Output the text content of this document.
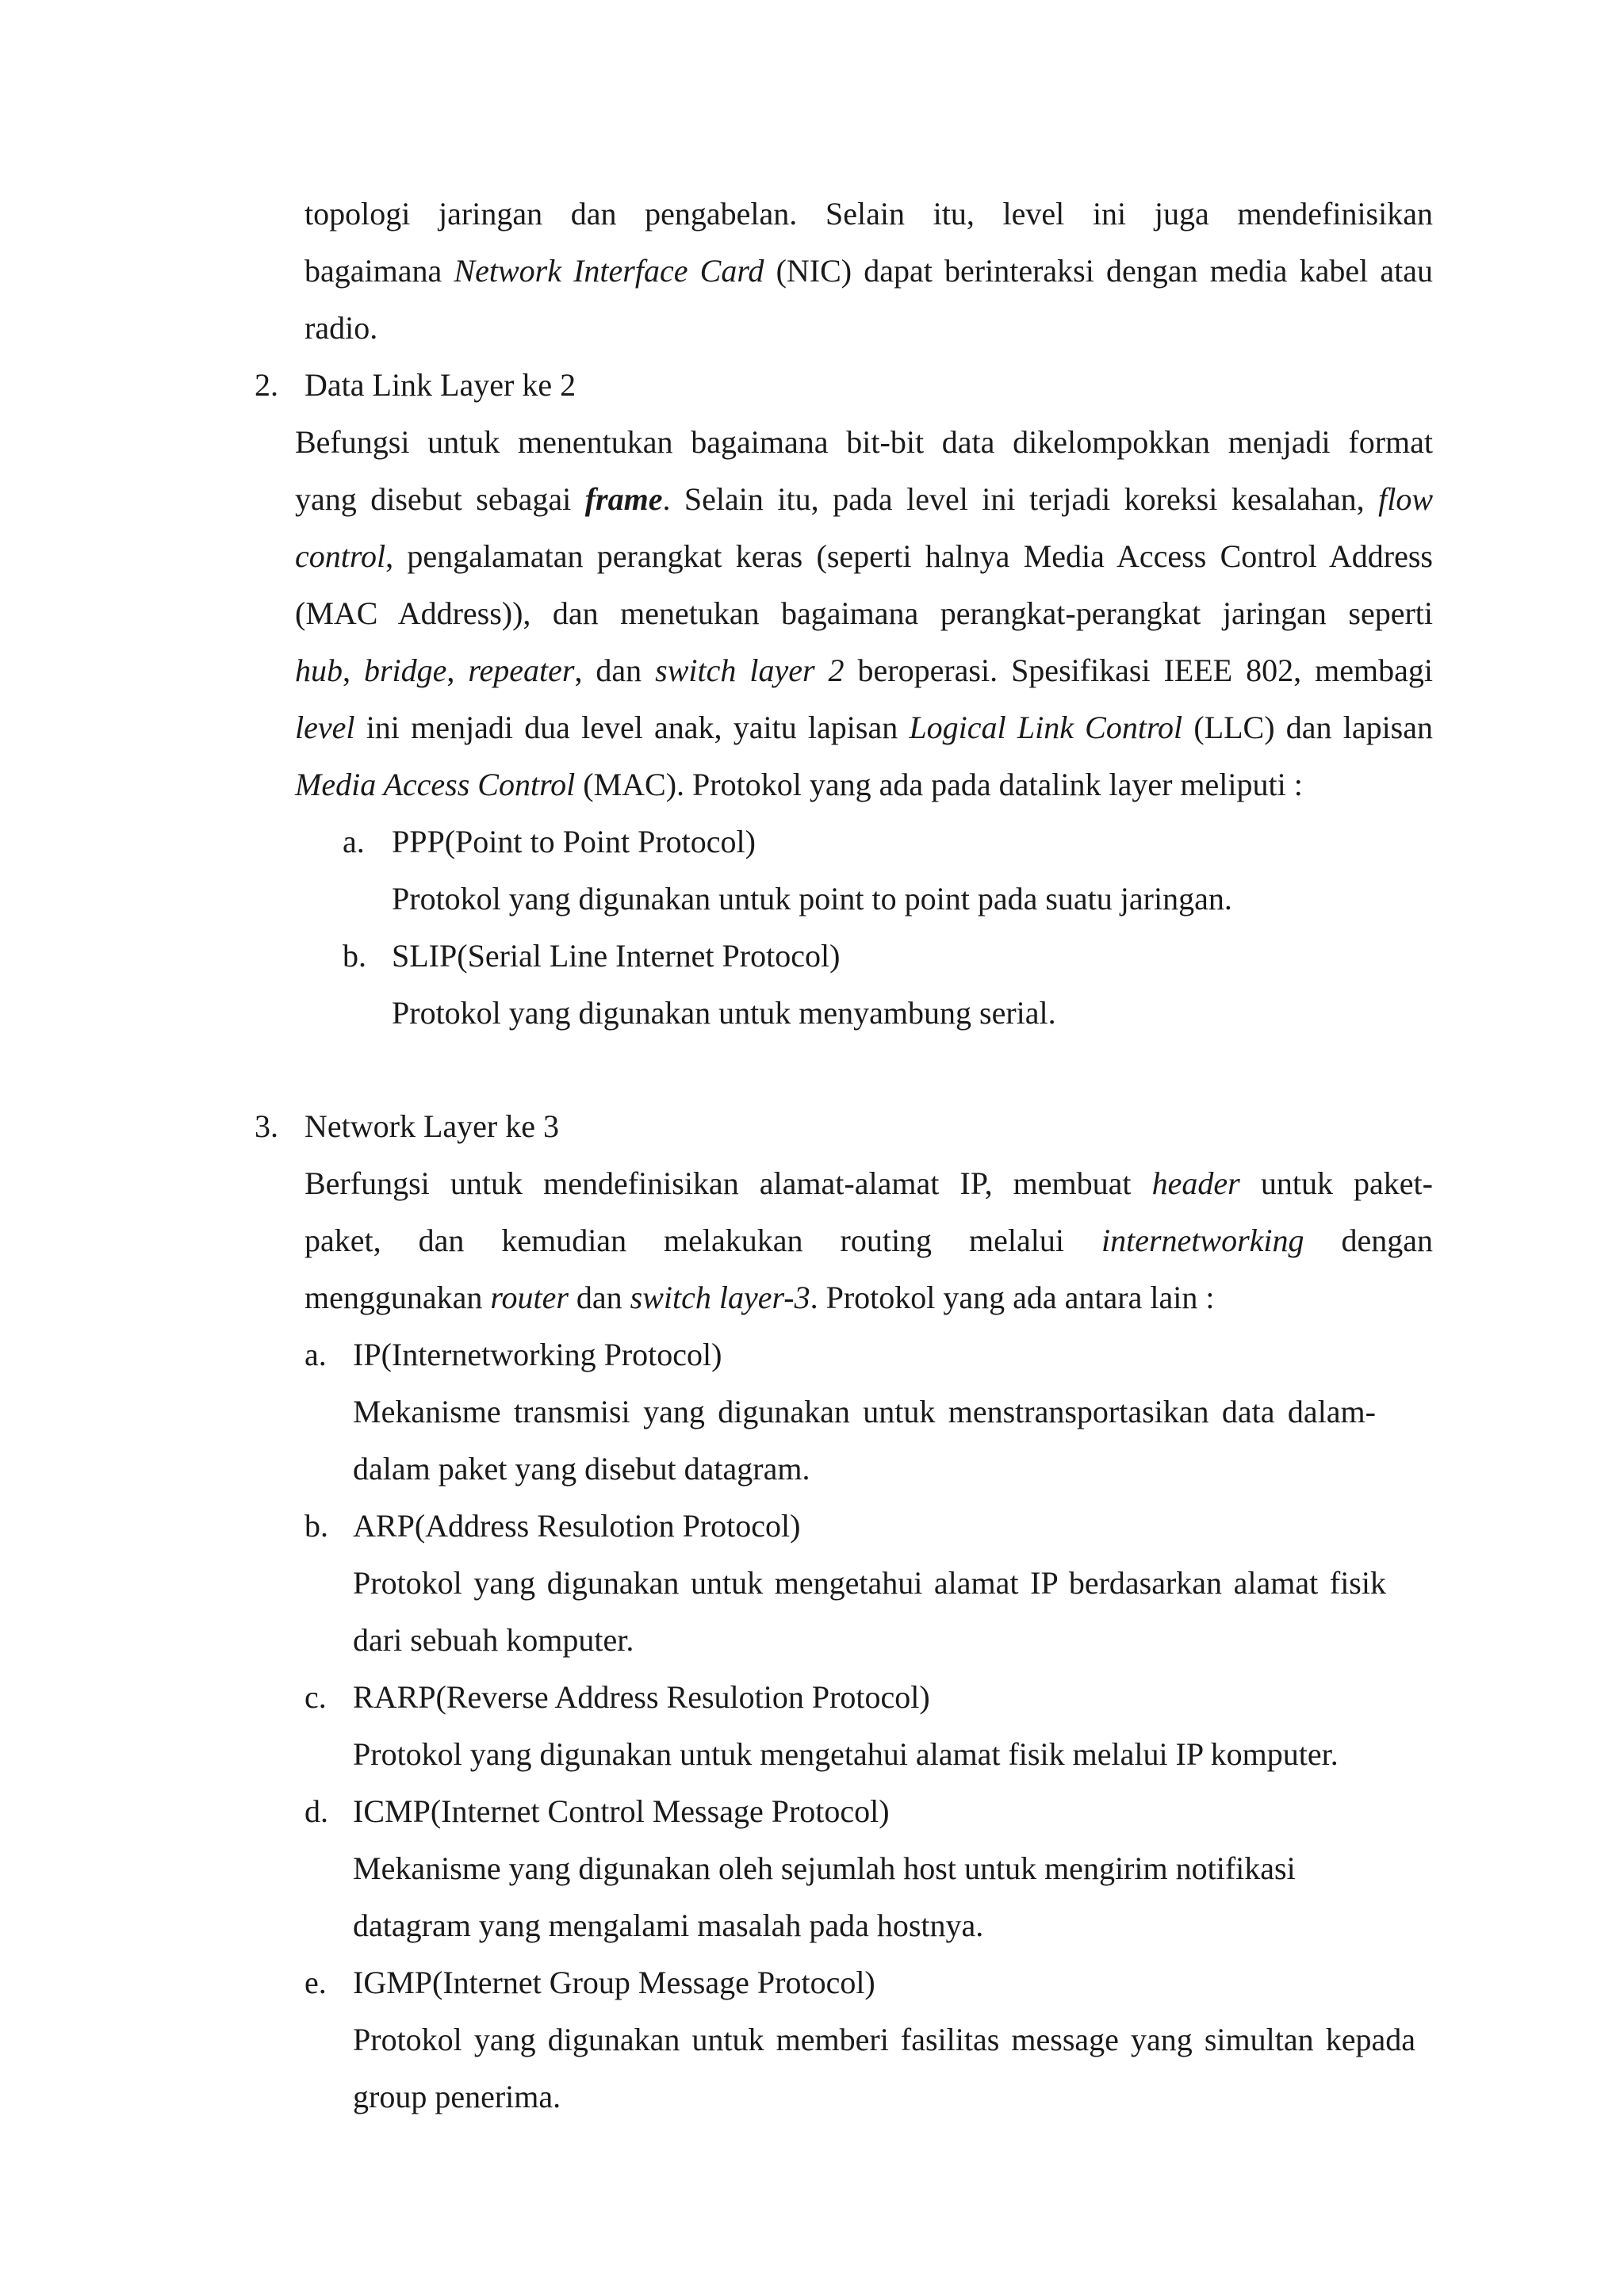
topologi jaringan dan pengabelan. Selain itu, level ini juga mendefinisikan
bagaimana Network Interface Card (NIC) dapat berinteraksi dengan media kabel atau
radio.
2. Data Link Layer ke 2
Befungsi untuk menentukan bagaimana bit-bit data dikelompokkan menjadi format
yang disebut sebagai frame. Selain itu, pada level ini terjadi koreksi kesalahan, flow
control, pengalamatan perangkat keras (seperti halnya Media Access Control Address
(MAC Address)), dan menetukan bagaimana perangkat-perangkat jaringan seperti
hub, bridge, repeater, dan switch layer 2 beroperasi. Spesifikasi IEEE 802, membagi
level ini menjadi dua level anak, yaitu lapisan Logical Link Control (LLC) dan lapisan
Media Access Control (MAC). Protokol yang ada pada datalink layer meliputi :
a. PPP(Point to Point Protocol)
Protokol yang digunakan untuk point to point pada suatu jaringan.
b. SLIP(Serial Line Internet Protocol)
Protokol yang digunakan untuk menyambung serial.
3. Network Layer ke 3
Berfungsi untuk mendefinisikan alamat-alamat IP, membuat header untuk paket-
paket, dan kemudian melakukan routing melalui internetworking dengan
menggunakan router dan switch layer-3. Protokol yang ada antara lain :
a. IP(Internetworking Protocol)
Mekanisme transmisi yang digunakan untuk menstransportasikan data dalam-
dalam paket yang disebut datagram.
b. ARP(Address Resulotion Protocol)
Protokol yang digunakan untuk mengetahui alamat IP berdasarkan alamat fisik
dari sebuah komputer.
c. RARP(Reverse Address Resulotion Protocol)
Protokol yang digunakan untuk mengetahui alamat fisik melalui IP komputer.
d. ICMP(Internet Control Message Protocol)
Mekanisme yang digunakan oleh sejumlah host untuk mengirim notifikasi
datagram yang mengalami masalah pada hostnya.
e. IGMP(Internet Group Message Protocol)
Protokol yang digunakan untuk memberi fasilitas message yang simultan kepada
group penerima.
